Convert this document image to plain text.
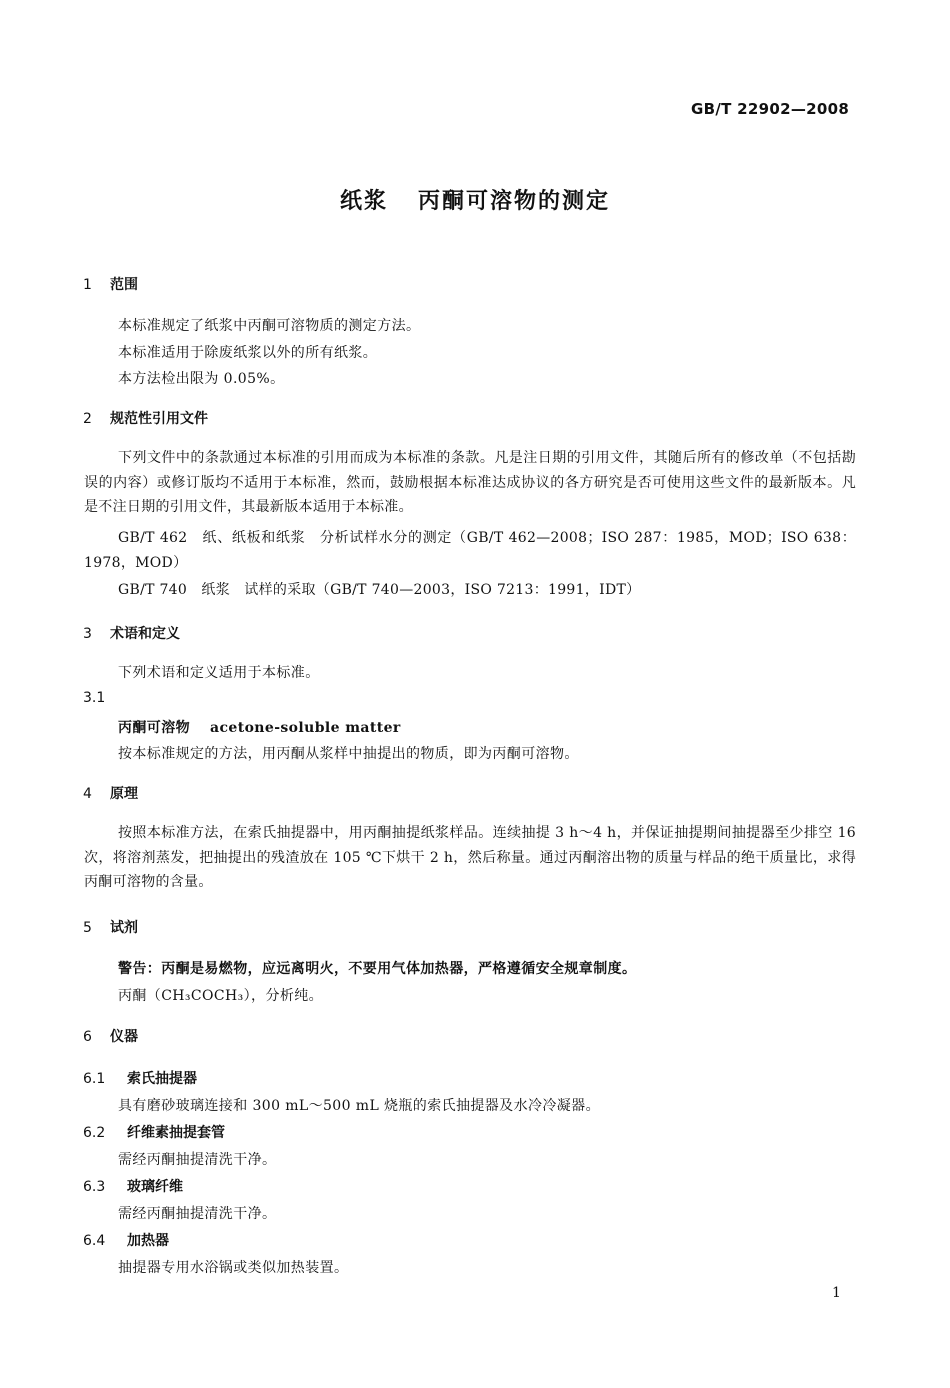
GB/T 22902—2008
纸浆 丙酮可溶物的测定
1 范围
本标准规定了纸浆中丙酮可溶物质的测定方法。
本标准适用于除废纸浆以外的所有纸浆。
本方法检出限为 0.05%。
2 规范性引用文件
下列文件中的条款通过本标准的引用而成为本标准的条款。凡是注日期的引用文件，其随后所有的修改单（不包括勘误的内容）或修订版均不适用于本标准，然而，鼓励根据本标准达成协议的各方研究是否可使用这些文件的最新版本。凡是不注日期的引用文件，其最新版本适用于本标准。
GB/T 462　纸、纸板和纸浆　分析试样水分的测定（GB/T 462—2008；ISO 287：1985，MOD；ISO 638：1978，MOD）
GB/T 740　纸浆　试样的采取（GB/T 740—2003，ISO 7213：1991，IDT）
3 术语和定义
下列术语和定义适用于本标准。
3.1
丙酮可溶物 acetone-soluble matter
按本标准规定的方法，用丙酮从浆样中抽提出的物质，即为丙酮可溶物。
4 原理
按照本标准方法，在索氏抽提器中，用丙酮抽提纸浆样品。连续抽提 3 h～4 h，并保证抽提期间抽提器至少排空 16 次，将溶剂蒸发，把抽提出的残渣放在 105 ℃下烘干 2 h，然后称量。通过丙酮溶出物的质量与样品的绝干质量比，求得丙酮可溶物的含量。
5 试剂
警告：丙酮是易燃物，应远离明火，不要用气体加热器，严格遵循安全规章制度。
丙酮（CH₃COCH₃），分析纯。
6 仪器
6.1 索氏抽提器
具有磨砂玻璃连接和 300 mL～500 mL 烧瓶的索氏抽提器及水冷冷凝器。
6.2 纤维素抽提套管
需经丙酮抽提清洗干净。
6.3 玻璃纤维
需经丙酮抽提清洗干净。
6.4 加热器
抽提器专用水浴锅或类似加热装置。
1
